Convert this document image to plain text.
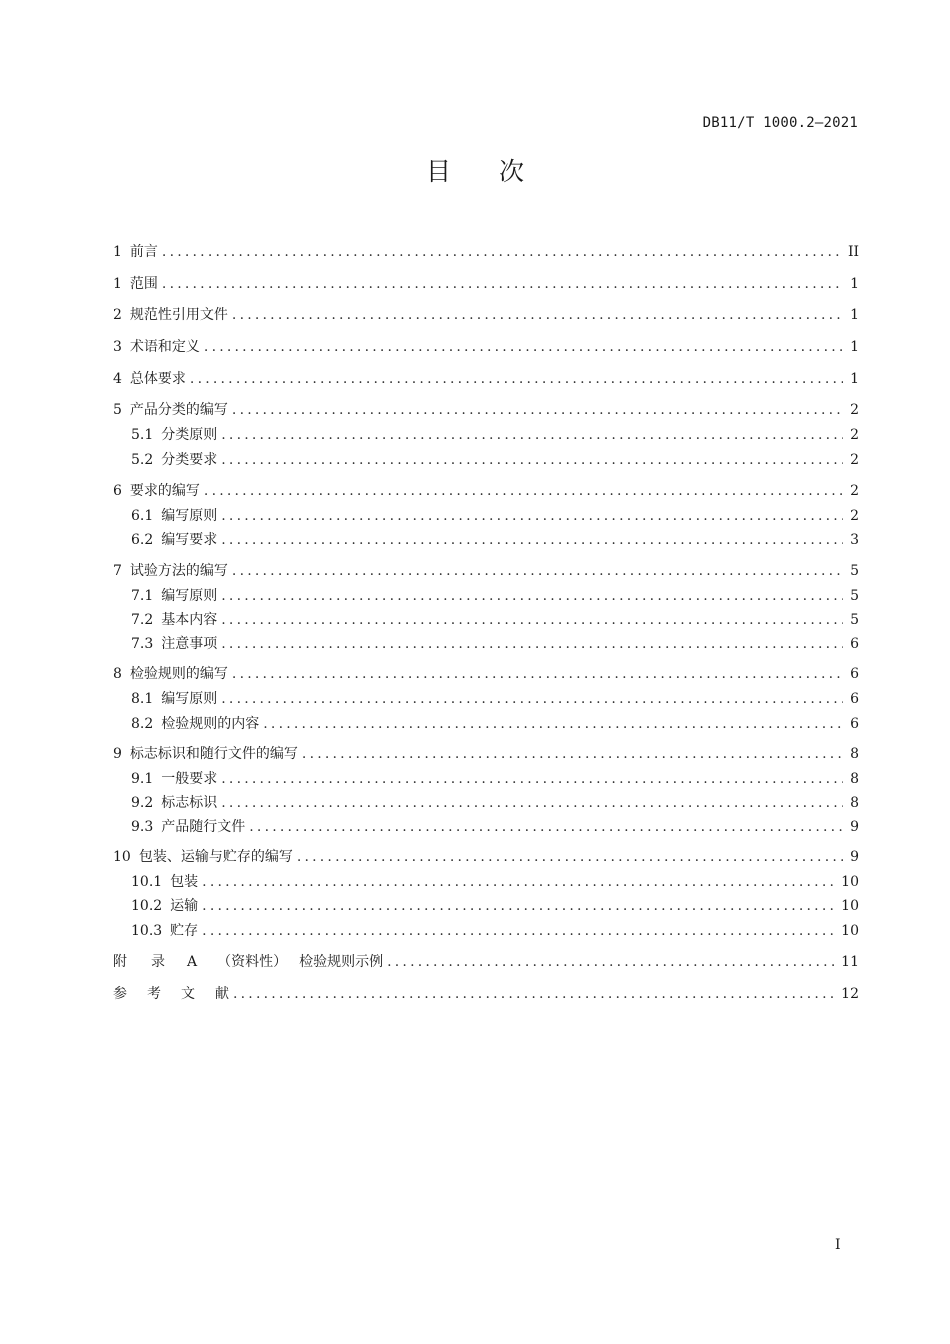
DB11/T 1000.2—2021
目 次
1 前言 .....	II
1 范围 .....	1
2 规范性引用文件 .....	1
3 术语和定义 .....	1
4 总体要求 .....	1
5 产品分类的编写 .....	2
5.1 分类原则 .....	2
5.2 分类要求 .....	2
6 要求的编写 .....	2
6.1 编写原则 .....	2
6.2 编写要求 .....	3
7 试验方法的编写 .....	5
7.1 编写原则 .....	5
7.2 基本内容 .....	5
7.3 注意事项 .....	6
8 检验规则的编写 .....	6
8.1 编写原则 .....	6
8.2 检验规则的内容 .....	6
9 标志标识和随行文件的编写 .....	8
9.1 一般要求 .....	8
9.2 标志标识 .....	8
9.3 产品随行文件 .....	9
10 包装、运输与贮存的编写 .....	9
10.1 包装 .....	10
10.2 运输 .....	10
10.3 贮存 .....	10
附 录 A （资料性） 检验规则示例 .....	11
参 考 文 献 .....	12
I
